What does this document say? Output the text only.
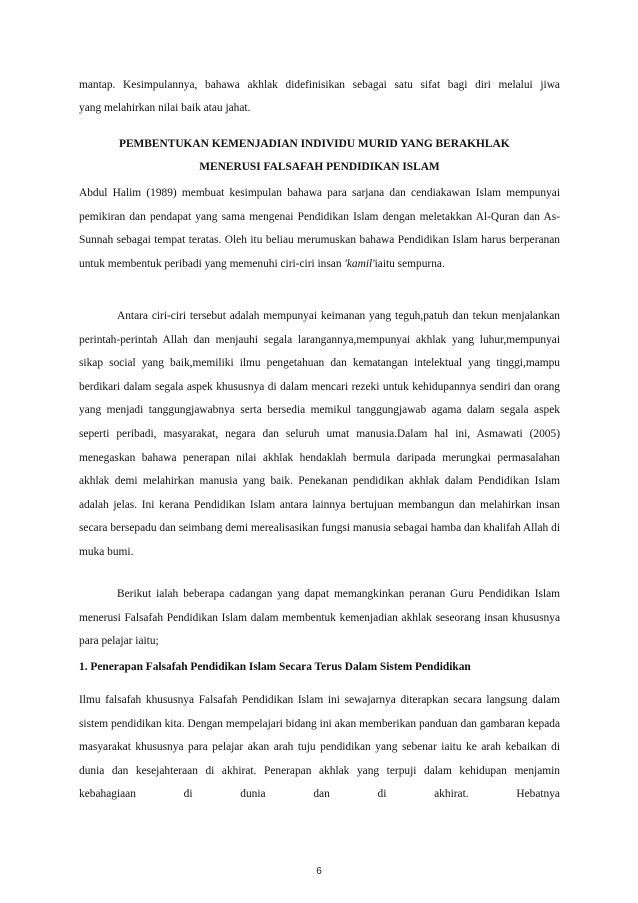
mantap. Kesimpulannya, bahawa akhlak didefinisikan sebagai satu sifat bagi diri melalui jiwa

yang melahirkan nilai baik atau jahat.

PEMBENTUKAN KEMENJADIAN INDIVIDU MURID YANG BERAKHLAK

MENERUSI FALSAFAH PENDIDIKAN ISLAM

Abdul Halim (1989) membuat kesimpulan bahawa para sarjana dan cendiakawan Islam mempunyai pemikiran dan pendapat yang sama mengenai Pendidikan Islam dengan meletakkan Al-Quran dan As-Sunnah sebagai tempat teratas. Oleh itu beliau merumuskan bahawa Pendidikan Islam harus berperanan untuk membentuk peribadi yang memenuhi ciri-ciri insan 'kamil'iaitu sempurna.

Antara ciri-ciri tersebut adalah mempunyai keimanan yang teguh,patuh dan tekun menjalankan perintah-perintah Allah dan menjauhi segala larangannya,mempunyai akhlak yang luhur,mempunyai sikap social yang baik,memiliki ilmu pengetahuan dan kematangan intelektual yang tinggi,mampu berdikari dalam segala aspek khususnya di dalam mencari rezeki untuk kehidupannya sendiri dan orang yang menjadi tanggungjawabnya serta bersedia memikul tanggungjawab agama dalam segala aspek seperti peribadi, masyarakat, negara dan seluruh umat manusia.Dalam hal ini, Asmawati (2005) menegaskan bahawa penerapan nilai akhlak hendaklah bermula daripada merungkai permasalahan akhlak demi melahirkan manusia yang baik. Penekanan pendidikan akhlak dalam Pendidikan Islam adalah jelas. Ini kerana Pendidikan Islam antara lainnya bertujuan membangun dan melahirkan insan secara bersepadu dan seimbang demi merealisasikan fungsi manusia sebagai hamba dan khalifah Allah di muka bumi.

Berikut ialah beberapa cadangan yang dapat memangkinkan peranan Guru Pendidikan Islam menerusi Falsafah Pendidikan Islam dalam membentuk kemenjadian akhlak seseorang insan khususnya para pelajar iaitu;

1. Penerapan Falsafah Pendidikan Islam Secara Terus Dalam Sistem Pendidikan

Ilmu falsafah khususnya Falsafah Pendidikan Islam ini sewajarnya diterapkan secara langsung dalam sistem pendidikan kita. Dengan mempelajari bidang ini akan memberikan panduan dan gambaran kepada masyarakat khususnya para pelajar akan arah tuju pendidikan yang sebenar iaitu ke arah kebaikan di dunia dan kesejahteraan di akhirat. Penerapan akhlak yang terpuji dalam kehidupan menjamin kebahagiaan di dunia dan di akhirat. Hebatnya

6
